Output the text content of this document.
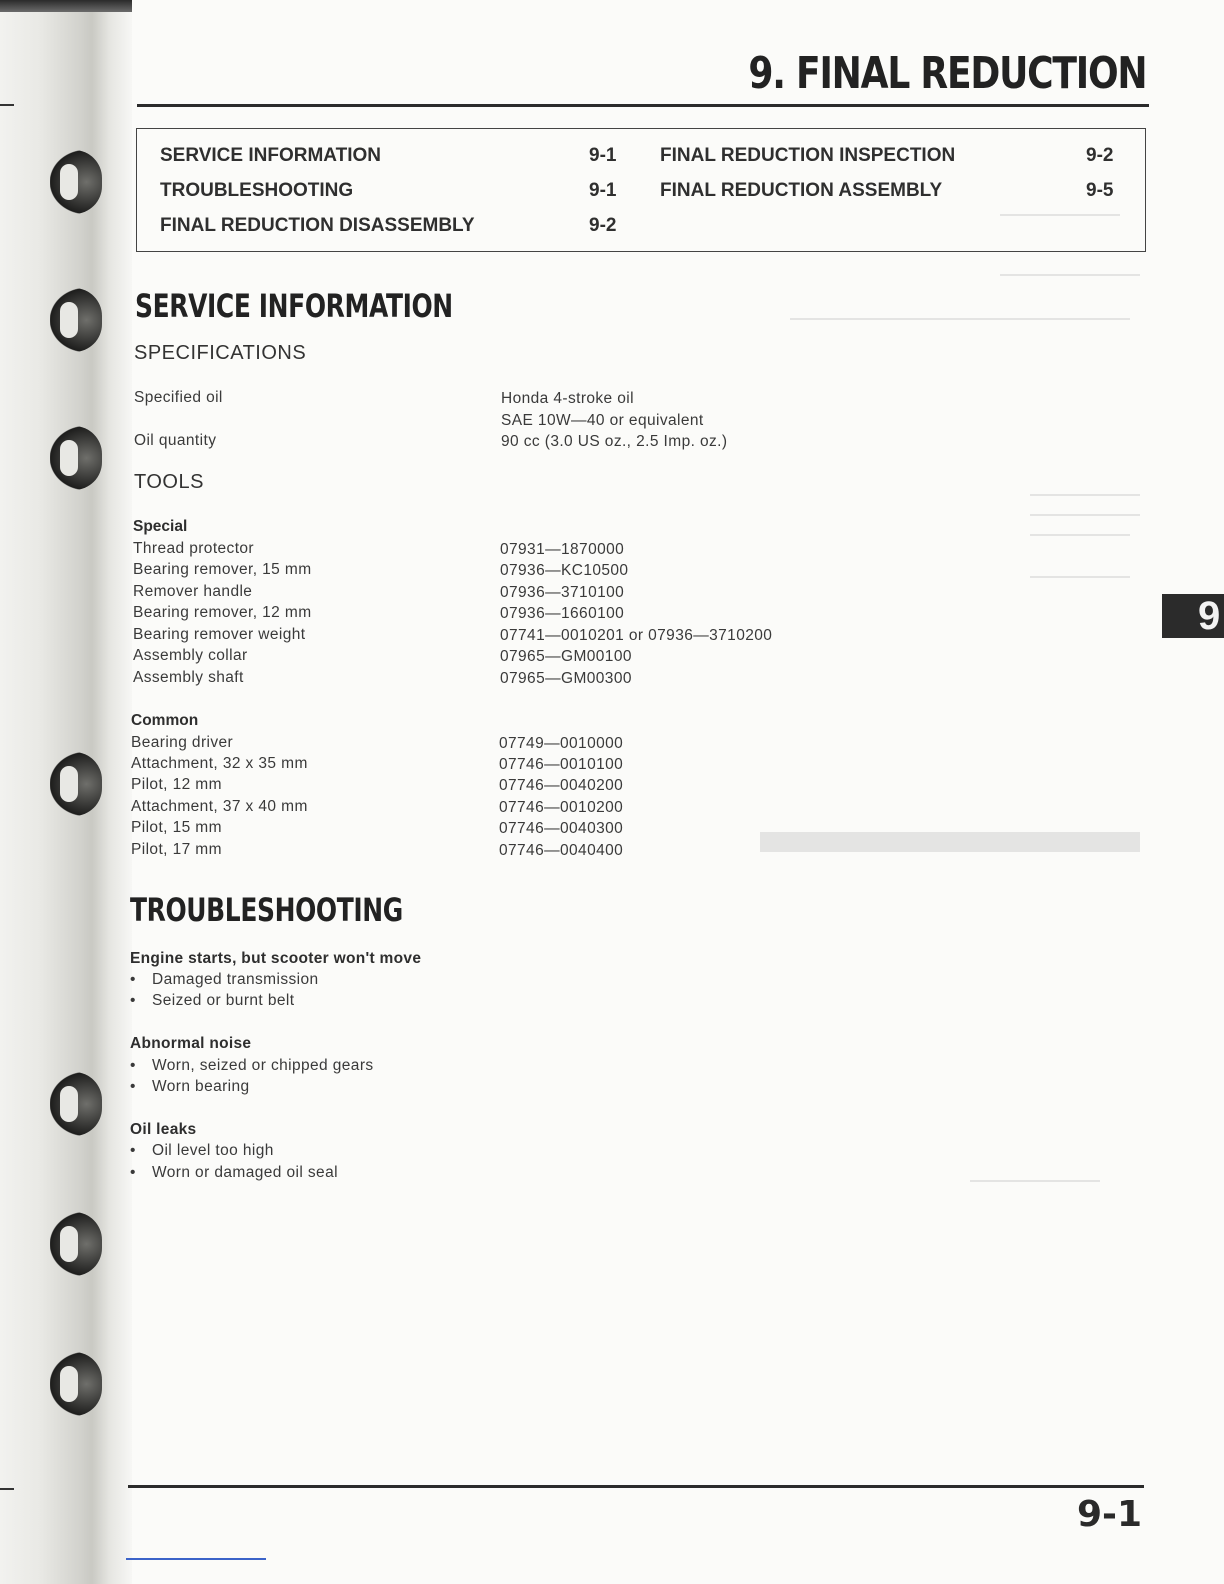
9. FINAL REDUCTION
SERVICE INFORMATION	9-1
TROUBLESHOOTING	9-1
FINAL REDUCTION DISASSEMBLY	9-2
FINAL REDUCTION INSPECTION	9-2
FINAL REDUCTION ASSEMBLY	9-5
SERVICE INFORMATION
SPECIFICATIONS
Specified oil	Honda 4-stroke oil
SAE 10W—40 or equivalent
Oil quantity	90 cc (3.0 US oz., 2.5 Imp. oz.)
TOOLS
Special
Thread protector	07931—1870000
Bearing remover, 15 mm	07936—KC10500
Remover handle	07936—3710100
Bearing remover, 12 mm	07936—1660100
Bearing remover weight	07741—0010201 or 07936—3710200
Assembly collar	07965—GM00100
Assembly shaft	07965—GM00300
Common
Bearing driver	07749—0010000
Attachment, 32 x 35 mm	07746—0010100
Pilot, 12 mm	07746—0040200
Attachment, 37 x 40 mm	07746—0010200
Pilot, 15 mm	07746—0040300
Pilot, 17 mm	07746—0040400
TROUBLESHOOTING
Engine starts, but scooter won't move
• Damaged transmission
• Seized or burnt belt
Abnormal noise
• Worn, seized or chipped gears
• Worn bearing
Oil leaks
• Oil level too high
• Worn or damaged oil seal
9
9-1
